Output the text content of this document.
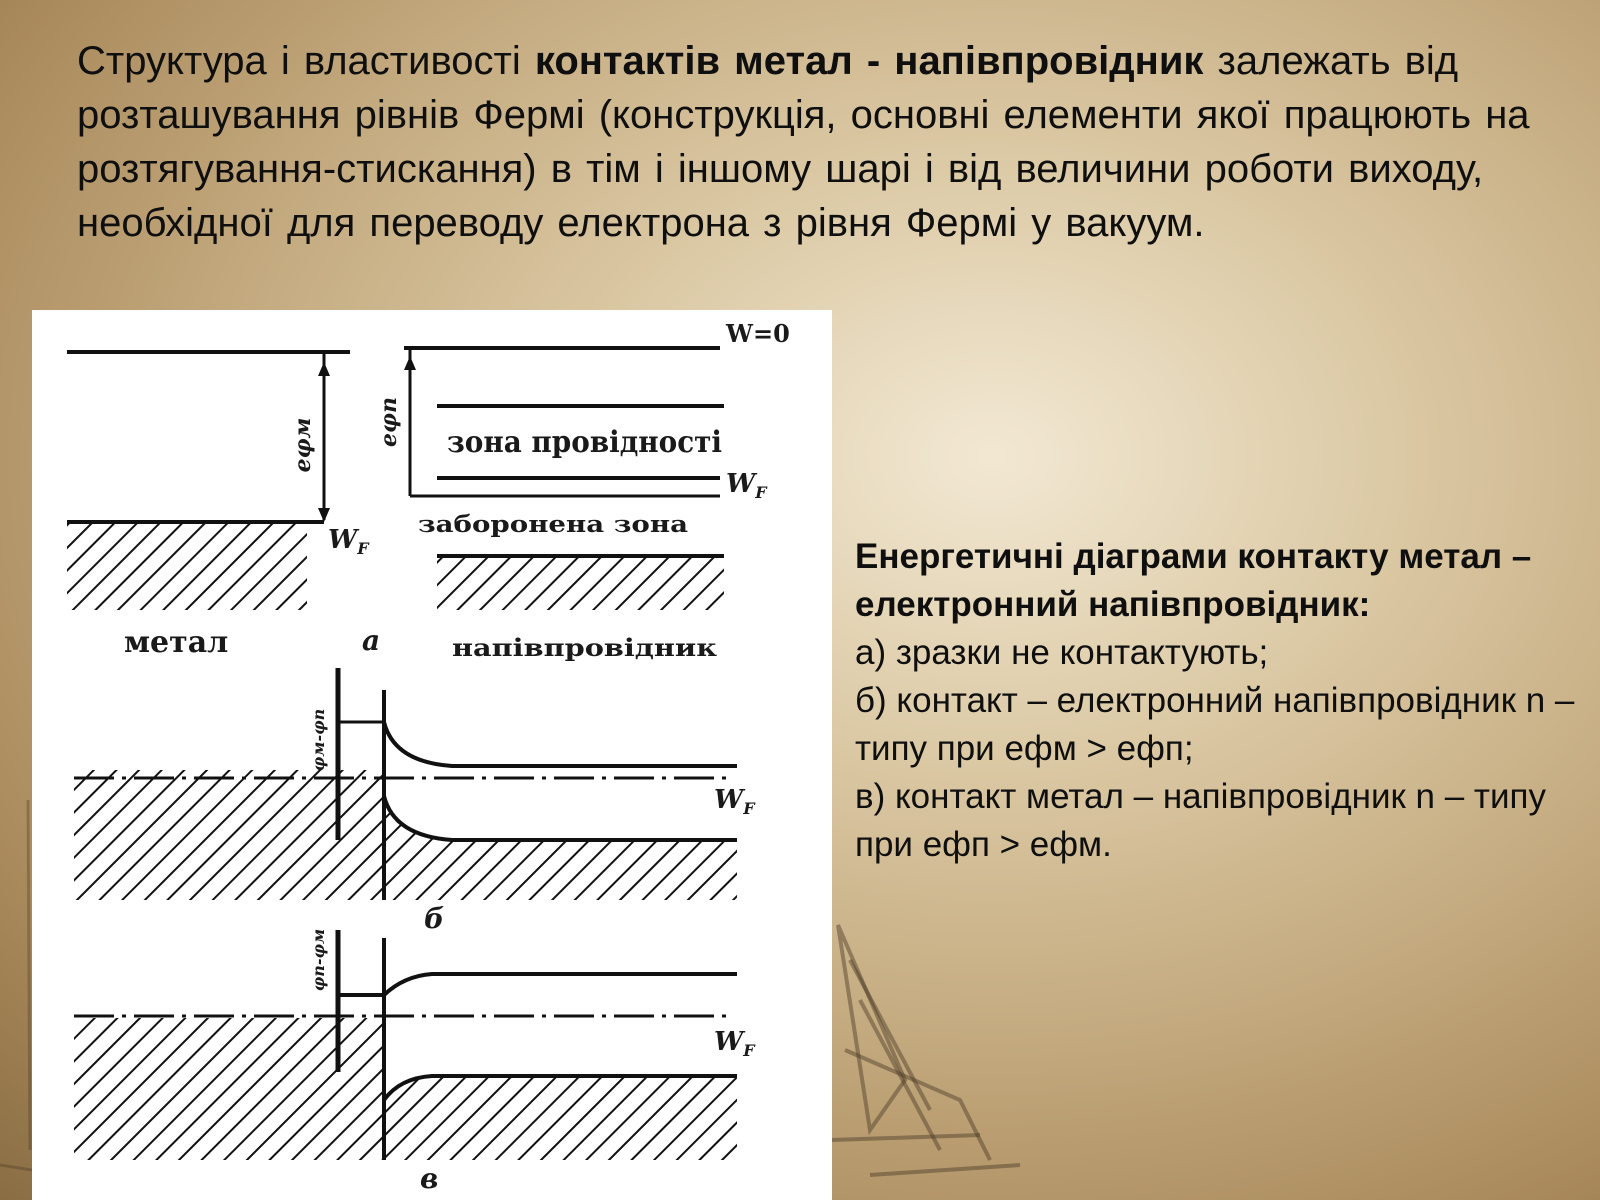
Структура і властивості контактів метал - напівпровідник залежать від розташування рівнів Фермі (конструкція, основні елементи якої працюють на розтягування-стискання) в тім і іншому шарі і від величини роботи виходу, необхідної для переводу електрона з рівня Фермі у вакуум.

eφм
$W_F$
W=0
eφп зона провідності
$W_F$
заборонена зона
метал	a	напівпровідник
$W_F$
φм-φп
б
$W_F$
φп-φм
в

Енергетичні діаграми контакту метал – електронний напівпровідник:

а) зразки не контактують;

б) контакт – електронний напівпровідник n – типу при ефм > ефп;

в) контакт метал – напівпровідник n – типу при ефп > ефм.
